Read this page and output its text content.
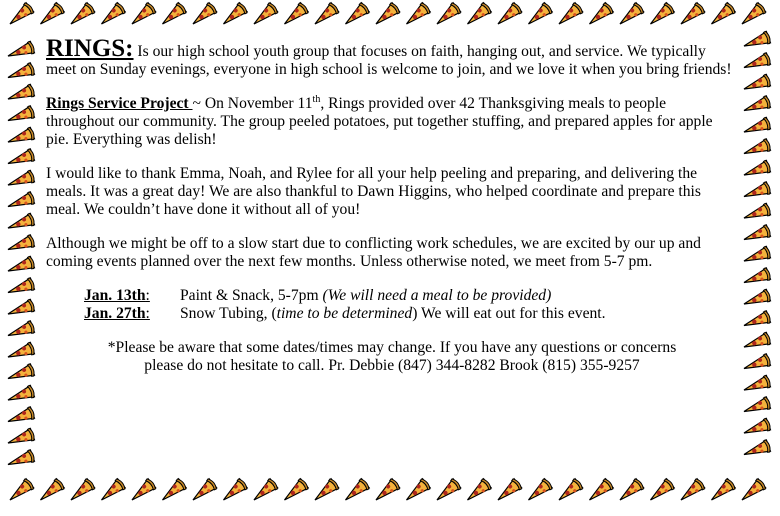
RINGS: Is our high school youth group that focuses on faith, hanging out, and service. We typically meet on Sunday evenings, everyone in high school is welcome to join, and we love it when you bring friends!

Rings Service Project ~ On November 11th, Rings provided over 42 Thanksgiving meals to people throughout our community. The group peeled potatoes, put together stuffing, and prepared apples for apple pie. Everything was delish!

I would like to thank Emma, Noah, and Rylee for all your help peeling and preparing, and delivering the meals. It was a great day! We are also thankful to Dawn Higgins, who helped coordinate and prepare this meal. We couldn’t have done it without all of you!

Although we might be off to a slow start due to conflicting work schedules, we are excited by our up and coming events planned over the next few months. Unless otherwise noted, we meet from 5-7 pm.

Jan. 13th: Paint & Snack, 5-7pm (We will need a meal to be provided)
Jan. 27th: Snow Tubing, (time to be determined) We will eat out for this event.
*Please be aware that some dates/times may change. If you have any questions or concerns
please do not hesitate to call. Pr. Debbie (847) 344-8282 Brook (815) 355-9257
